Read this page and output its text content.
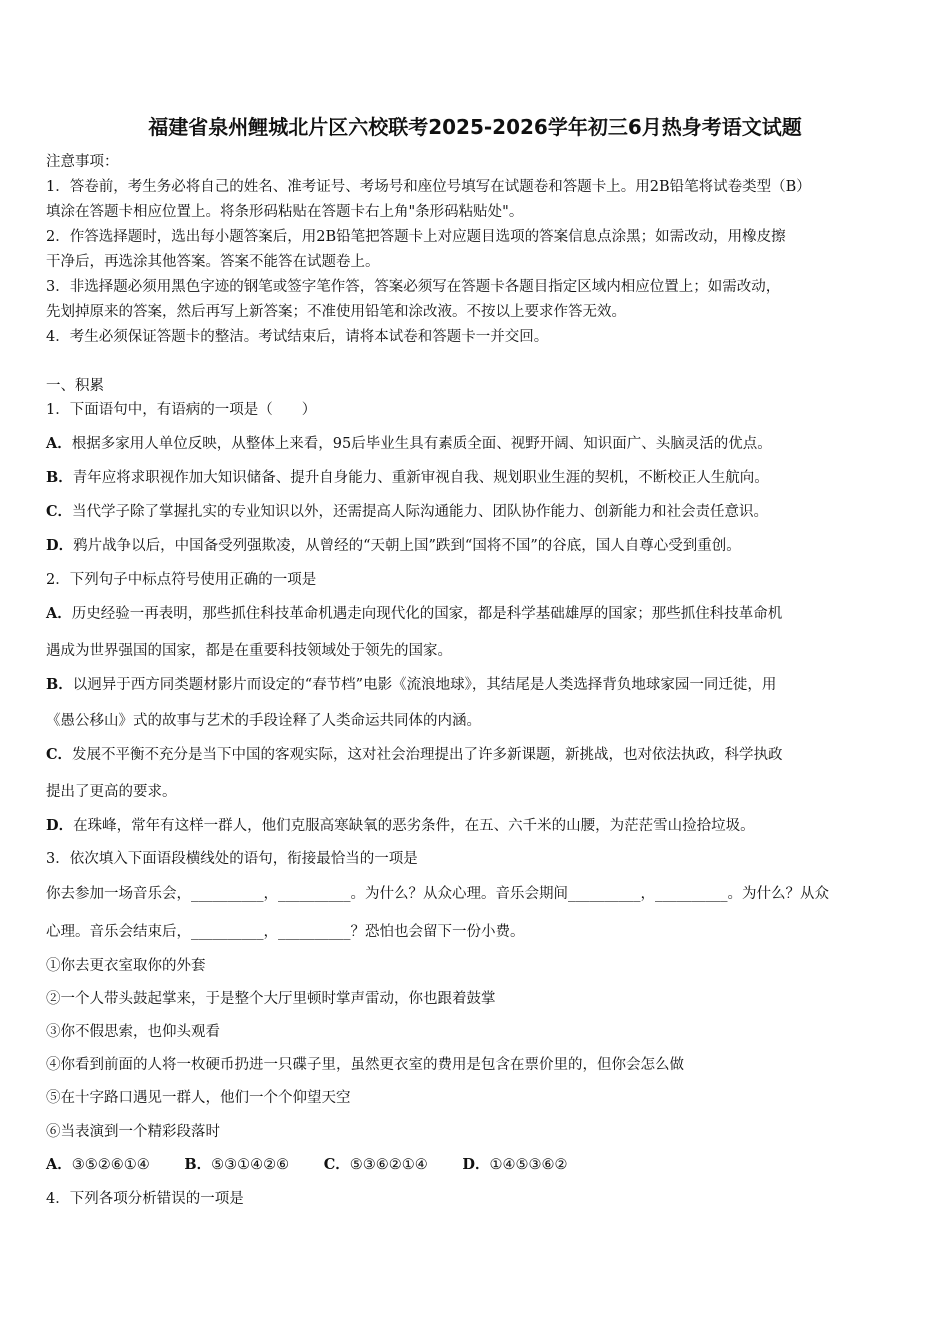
福建省泉州鲤城北片区六校联考2025-2026学年初三6月热身考语文试题
注意事项：
1．答卷前，考生务必将自己的姓名、准考证号、考场号和座位号填写在试题卷和答题卡上。用2B铅笔将试卷类型（B）
填涂在答题卡相应位置上。将条形码粘贴在答题卡右上角"条形码粘贴处"。
2．作答选择题时，选出每小题答案后，用2B铅笔把答题卡上对应题目选项的答案信息点涂黑；如需改动，用橡皮擦
干净后，再选涂其他答案。答案不能答在试题卷上。
3．非选择题必须用黑色字迹的钢笔或签字笔作答，答案必须写在答题卡各题目指定区域内相应位置上；如需改动，
先划掉原来的答案，然后再写上新答案；不准使用铅笔和涂改液。不按以上要求作答无效。
4．考生必须保证答题卡的整洁。考试结束后，请将本试卷和答题卡一并交回。
一、积累
1．下面语句中，有语病的一项是（　　）
A．根据多家用人单位反映，从整体上来看，95后毕业生具有素质全面、视野开阔、知识面广、头脑灵活的优点。
B．青年应将求职视作加大知识储备、提升自身能力、重新审视自我、规划职业生涯的契机，不断校正人生航向。
C．当代学子除了掌握扎实的专业知识以外，还需提高人际沟通能力、团队协作能力、创新能力和社会责任意识。
D．鸦片战争以后，中国备受列强欺凌，从曾经的“天朝上国”跌到“国将不国”的谷底，国人自尊心受到重创。
2．下列句子中标点符号使用正确的一项是
A．历史经验一再表明，那些抓住科技革命机遇走向现代化的国家，都是科学基础雄厚的国家；那些抓住科技革命机
遇成为世界强国的国家，都是在重要科技领域处于领先的国家。
B．以迥异于西方同类题材影片而设定的“春节档”电影《流浪地球》，其结尾是人类选择背负地球家园一同迁徙，用
《愚公移山》式的故事与艺术的手段诠释了人类命运共同体的内涵。
C．发展不平衡不充分是当下中国的客观实际，这对社会治理提出了许多新课题，新挑战，也对依法执政，科学执政
提出了更高的要求。
D．在珠峰，常年有这样一群人，他们克服高寒缺氧的恶劣条件，在五、六千米的山腰，为茫茫雪山捡拾垃圾。
3．依次填入下面语段横线处的语句，衔接最恰当的一项是
你去参加一场音乐会，__________，__________。为什么？从众心理。音乐会期间__________，__________。为什么？从众
心理。音乐会结束后，__________，__________？恐怕也会留下一份小费。
①你去更衣室取你的外套
②一个人带头鼓起掌来，于是整个大厅里顿时掌声雷动，你也跟着鼓掌
③你不假思索，也仰头观看
④你看到前面的人将一枚硬币扔进一只碟子里，虽然更衣室的费用是包含在票价里的，但你会怎么做
⑤在十字路口遇见一群人，他们一个个仰望天空
⑥当表演到一个精彩段落时
A．③⑤②⑥①④ B．⑤③①④②⑥ C．⑤③⑥②①④ D．①④⑤③⑥②
4．下列各项分析错误的一项是
